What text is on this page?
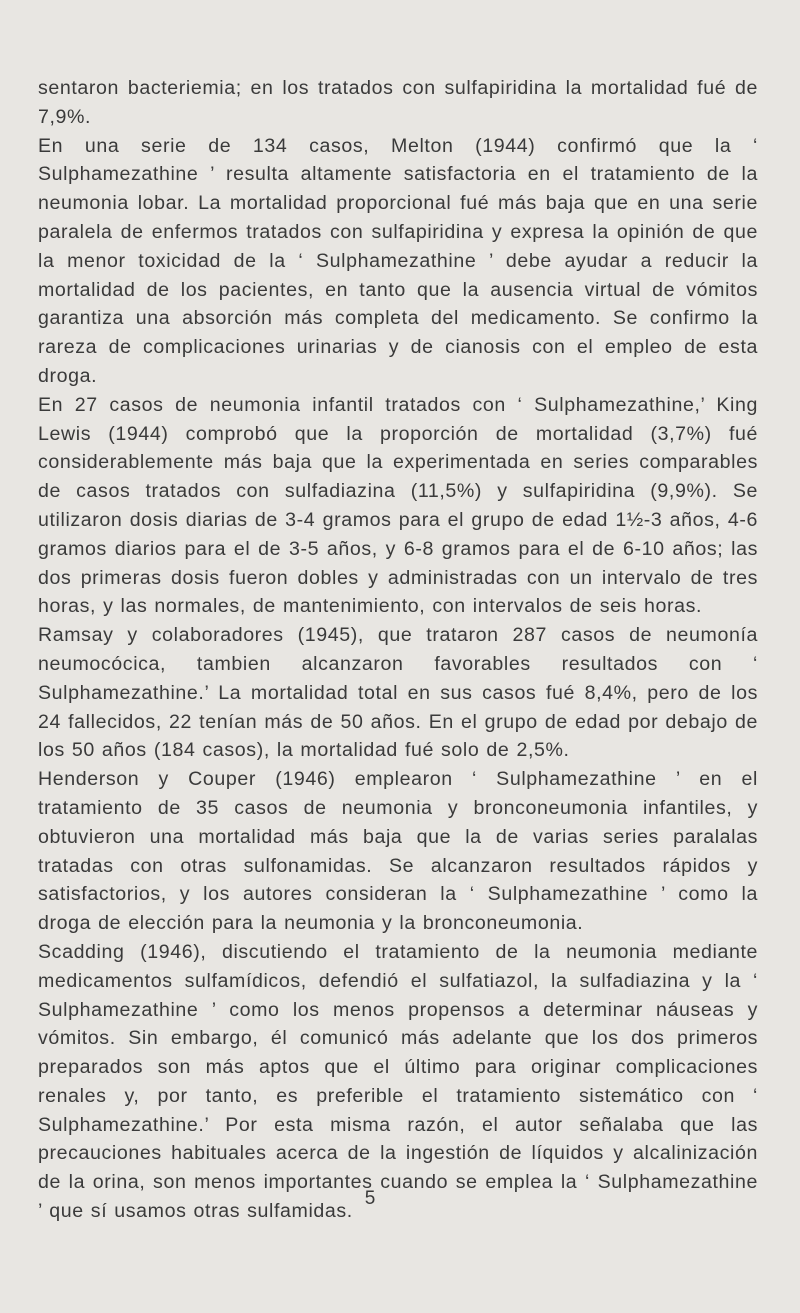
sentaron bacteriemia; en los tratados con sulfapiridina la mortalidad fué de 7,9%.

En una serie de 134 casos, Melton (1944) confirmó que la ‘ Sulphamezathine ’ resulta altamente satisfactoria en el tratamiento de la neumonia lobar. La mortalidad proporcional fué más baja que en una serie paralela de enfermos tratados con sulfapiridina y expresa la opinión de que la menor toxicidad de la ‘ Sulphamezathine ’ debe ayudar a reducir la mortalidad de los pacientes, en tanto que la ausencia virtual de vómitos garantiza una absorción más completa del medicamento. Se confirmo la rareza de complicaciones urinarias y de cianosis con el empleo de esta droga.

En 27 casos de neumonia infantil tratados con ‘ Sulphamezathine,’ King Lewis (1944) comprobó que la proporción de mortalidad (3,7%) fué considerablemente más baja que la experimentada en series comparables de casos tratados con sulfadiazina (11,5%) y sulfapiridina (9,9%). Se utilizaron dosis diarias de 3-4 gramos para el grupo de edad 1½-3 años, 4-6 gramos diarios para el de 3-5 años, y 6-8 gramos para el de 6-10 años; las dos primeras dosis fueron dobles y administradas con un intervalo de tres horas, y las normales, de mantenimiento, con intervalos de seis horas.

Ramsay y colaboradores (1945), que trataron 287 casos de neumonía neumocócica, tambien alcanzaron favorables resultados con ‘ Sulphamezathine.’ La mortalidad total en sus casos fué 8,4%, pero de los 24 fallecidos, 22 tenían más de 50 años. En el grupo de edad por debajo de los 50 años (184 casos), la mortalidad fué solo de 2,5%.

Henderson y Couper (1946) emplearon ‘ Sulphamezathine ’ en el tratamiento de 35 casos de neumonia y bronconeumonia infantiles, y obtuvieron una mortalidad más baja que la de varias series paralalas tratadas con otras sulfonamidas. Se alcanzaron resultados rápidos y satisfactorios, y los autores consideran la ‘ Sulphamezathine ’ como la droga de elección para la neumonia y la bronconeumonia.

Scadding (1946), discutiendo el tratamiento de la neumonia mediante medicamentos sulfamídicos, defendió el sulfatiazol, la sulfadiazina y la ‘ Sulphamezathine ’ como los menos propensos a determinar náuseas y vómitos. Sin embargo, él comunicó más adelante que los dos primeros preparados son más aptos que el último para originar complicaciones renales y, por tanto, es preferible el tratamiento sistemático con ‘ Sulphamezathine.’ Por esta misma razón, el autor señalaba que las precauciones habituales acerca de la ingestión de líquidos y alcalinización de la orina, son menos importantes cuando se emplea la ‘ Sulphamezathine ’ que sí usamos otras sulfamidas.

5
